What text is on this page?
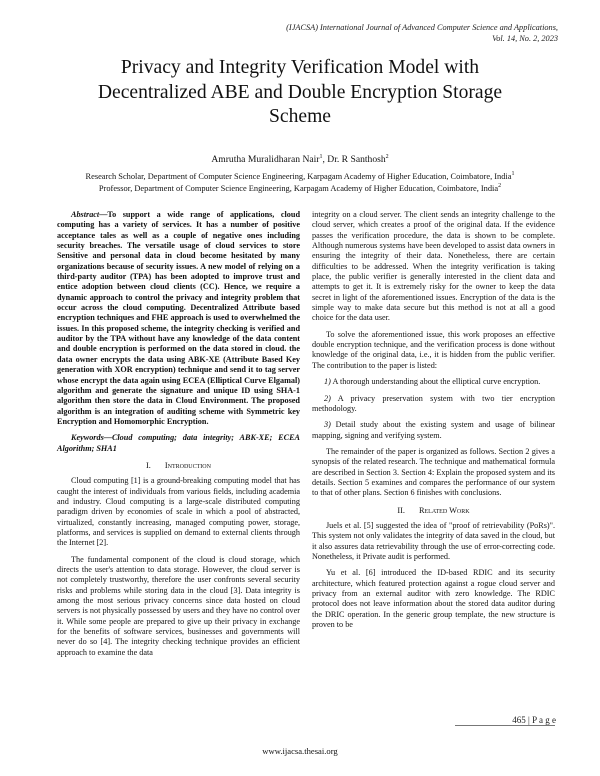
(IJACSA) International Journal of Advanced Computer Science and Applications,
Vol. 14, No. 2, 2023
Privacy and Integrity Verification Model with
Decentralized ABE and Double Encryption Storage
Scheme
Amrutha Muralidharan Nair$^1$, Dr. R Santhosh$^2$
Research Scholar, Department of Computer Science Engineering, Karpagam Academy of Higher Education, Coimbatore, India$^1$
Professor, Department of Computer Science Engineering, Karpagam Academy of Higher Education, Coimbatore, India$^2$

Abstract—To support a wide range of applications, cloud computing has a variety of services. It has a number of positive acceptance tales as well as a couple of negative ones including security breaches. The versatile usage of cloud services to store Sensitive and personal data in cloud become hesitated by many organizations because of security issues. A new model of relying on a third-party auditor (TPA) has been adopted to improve trust and entice adoption between cloud clients (CC). Hence, we require a dynamic approach to control the privacy and integrity problem that occur across the cloud computing. Decentralized Attribute based encryption techniques and FHE approach is used to overwhelmed the issues. In this proposed scheme, the integrity checking is verified and auditor by the TPA without have any knowledge of the data content and double encryption is performed on the data stored in cloud. the data owner encrypts the data using ABK-XE (Attribute Based Key generation with XOR encryption) technique and send it to tag server whose encrypt the data again using ECEA (Elliptical Curve Elgamal) algorithm and generate the signature and unique ID using SHA-1 algorithm then store the data in Cloud Environment. The proposed algorithm is an integration of auditing scheme with Symmetric key Encryption and Homomorphic Encryption.

Keywords—Cloud computing; data integrity; ABK-XE; ECEA Algorithm; SHA1

I. Introduction

Cloud computing [1] is a ground-breaking computing model that has caught the interest of individuals from various fields, including academia and industry. Cloud computing is a large-scale distributed computing paradigm driven by economies of scale in which a pool of abstracted, virtualized, constantly increasing, managed computing power, storage, platforms, and services is supplied on demand to external clients through the Internet [2].

The fundamental component of the cloud is cloud storage, which directs the user's attention to data storage. However, the cloud server is not completely trustworthy, therefore the user confronts several security risks and problems while storing data in the cloud [3]. Data integrity is among the most serious privacy concerns since data hosted on cloud servers is not physically possessed by users and they have no control over it. While some people are prepared to give up their privacy in exchange for the benefits of software services, businesses and governments will never do so [4]. The integrity checking technique provides an efficient approach to examine the data

integrity on a cloud server. The client sends an integrity challenge to the cloud server, which creates a proof of the original data. If the evidence passes the verification procedure, the data is shown to be complete. Although numerous systems have been developed to assist data owners in ensuring the integrity of their data. Nonetheless, there are certain difficulties to be addressed. When the integrity verification is taking place, the public verifier is generally interested in the client data and attempts to get it. It is extremely risky for the owner to keep the data secret in light of the aforementioned issues. Encryption of the data is the simple way to make data secure but this method is not at all a good choice for the data user.

To solve the aforementioned issue, this work proposes an effective double encryption technique, and the verification process is done without knowledge of the original data, i.e., it is hidden from the public verifier. The contribution to the paper is listed:

1) A thorough understanding about the elliptical curve encryption.

2) A privacy preservation system with two tier encryption methodology.

3) Detail study about the existing system and usage of bilinear mapping, signing and verifying system.

The remainder of the paper is organized as follows. Section 2 gives a synopsis of the related research. The technique and mathematical formula are described in Section 3. Section 4: Explain the proposed system and its details. Section 5 examines and compares the performance of our system to that of other plans. Section 6 finishes with conclusions.

II. Related Work

Juels et al. [5] suggested the idea of "proof of retrievability (PoRs)". This system not only validates the integrity of data saved in the cloud, but it also assures data retrievability through the use of error-correcting code. Nonetheless, it Private audit is performed.

Yu et al. [6] introduced the ID-based RDIC and its security architecture, which featured protection against a rogue cloud server and privacy from an external auditor with zero knowledge. The RDIC protocol does not leave information about the stored data auditor during the DRIC operation. In the generic group template, the new structure is proven to be

465 | P a g e
www.ijacsa.thesai.org
